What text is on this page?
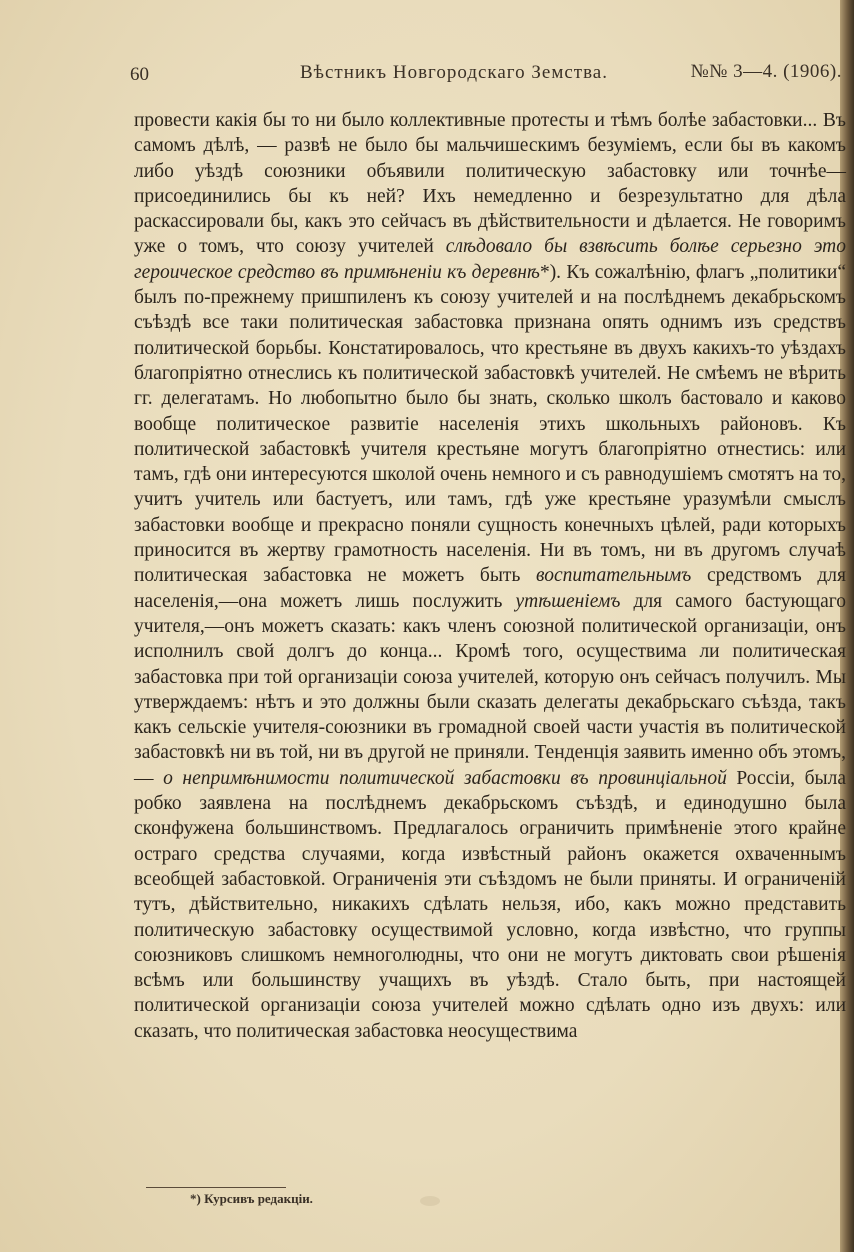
60	Вѣстникъ Новгородскаго Земства.	№№ 3—4. (1906).

провести какія бы то ни было коллективные протесты и тѣмъ болѣе забастовки... Въ самомъ дѣлѣ, — развѣ не было бы мальчишескимъ безуміемъ, если бы въ какомъ либо уѣздѣ союзники объявили политическую забастовку или точнѣе—присоединились бы къ ней? Ихъ немедленно и безрезультатно для дѣла раскассировали бы, какъ это сейчасъ въ дѣйствительности и дѣлается. Не говоримъ уже о томъ, что союзу учителей слѣдовало бы взвѣсить болѣе серьезно это героическое средство въ примѣненіи къ деревнѣ*). Къ сожалѣнію, флагъ „политики“ былъ по-прежнему пришпиленъ къ союзу учителей и на послѣднемъ декабрьскомъ съѣздѣ все таки политическая забастовка признана опять однимъ изъ средствъ политической борьбы. Констатировалось, что крестьяне въ двухъ какихъ-то уѣздахъ благопріятно отнеслись къ политической забастовкѣ учителей. Не смѣемъ не вѣрить гг. делегатамъ. Но любопытно было бы знать, сколько школъ бастовало и каково вообще политическое развитіе населенія этихъ школьныхъ районовъ. Къ политической забастовкѣ учителя крестьяне могутъ благопріятно отнестись: или тамъ, гдѣ они интересуются школой очень немного и съ равнодушіемъ смотятъ на то, учитъ учитель или бастуетъ, или тамъ, гдѣ уже крестьяне уразумѣли смыслъ забастовки вообще и прекрасно поняли сущность конечныхъ цѣлей, ради которыхъ приносится въ жертву грамотность населенія. Ни въ томъ, ни въ другомъ случаѣ политическая забастовка не можетъ быть воспитательнымъ средствомъ для населенія,—она можетъ лишь послужить утѣшеніемъ для самого бастующаго учителя,—онъ можетъ сказать: какъ членъ союзной политической организаціи, онъ исполнилъ свой долгъ до конца... Кромѣ того, осуществима ли политическая забастовка при той организаціи союза учителей, которую онъ сейчасъ получилъ. Мы утверждаемъ: нѣтъ и это должны были сказать делегаты декабрьскаго съѣзда, такъ какъ сельскіе учителя-союзники въ громадной своей части участія въ политической забастовкѣ ни въ той, ни въ другой не приняли. Тенденція заявить именно объ этомъ,— о непримѣнимости политической забастовки въ провинціальной Россіи, была робко заявлена на послѣднемъ декабрьскомъ съѣздѣ, и единодушно была сконфужена большинствомъ. Предлагалось ограничить примѣненіе этого крайне остраго средства случаями, когда извѣстный районъ окажется охваченнымъ всеобщей забастовкой. Ограниченія эти съѣздомъ не были приняты. И ограниченій тутъ, дѣйствительно, никакихъ сдѣлать нельзя, ибо, какъ можно представить политическую забастовку осуществимой условно, когда извѣстно, что группы союзниковъ слишкомъ немноголюдны, что они не могутъ диктовать свои рѣшенія всѣмъ или большинству учащихъ въ уѣздѣ. Стало быть, при настоящей политической организаціи союза учителей можно сдѣлать одно изъ двухъ: или сказать, что политическая забастовка неосуществима

*) Курсивъ редакціи.
